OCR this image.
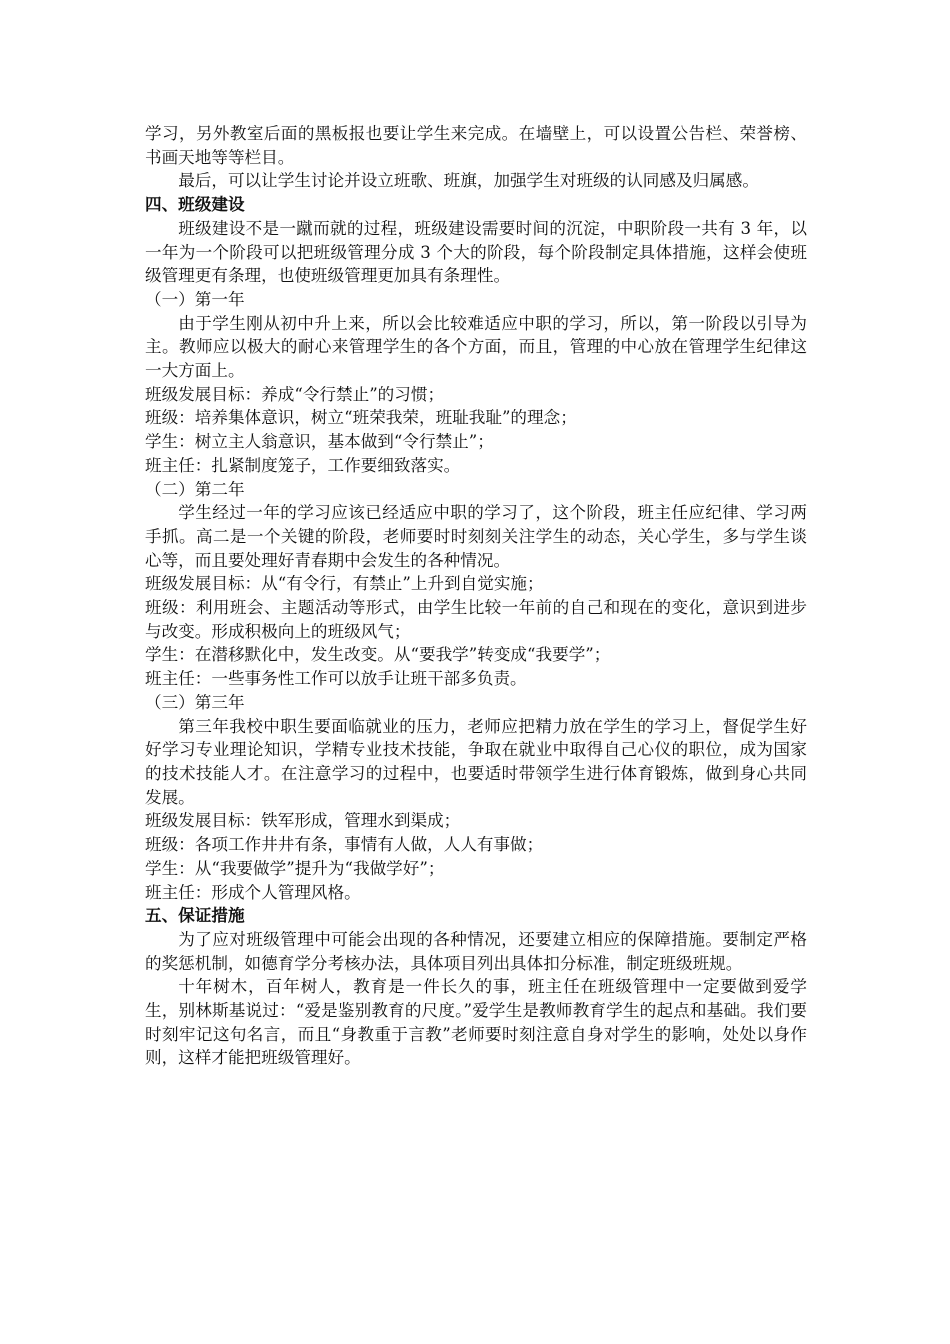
学习，另外教室后面的黑板报也要让学生来完成。在墙壁上，可以设置公告栏、荣誉榜、书画天地等等栏目。

最后，可以让学生讨论并设立班歌、班旗，加强学生对班级的认同感及归属感。

四、班级建设

班级建设不是一蹴而就的过程，班级建设需要时间的沉淀，中职阶段一共有 3 年，以一年为一个阶段可以把班级管理分成 3 个大的阶段，每个阶段制定具体措施，这样会使班级管理更有条理，也使班级管理更加具有条理性。

（一）第一年

由于学生刚从初中升上来，所以会比较难适应中职的学习，所以，第一阶段以引导为主。教师应以极大的耐心来管理学生的各个方面，而且，管理的中心放在管理学生纪律这一大方面上。

班级发展目标：养成“令行禁止”的习惯；

班级：培养集体意识，树立“班荣我荣，班耻我耻”的理念；

学生：树立主人翁意识，基本做到“令行禁止”；

班主任：扎紧制度笼子，工作要细致落实。

（二）第二年

学生经过一年的学习应该已经适应中职的学习了，这个阶段，班主任应纪律、学习两手抓。高二是一个关键的阶段，老师要时时刻刻关注学生的动态，关心学生，多与学生谈心等，而且要处理好青春期中会发生的各种情况。

班级发展目标：从“有令行，有禁止”上升到自觉实施；

班级：利用班会、主题活动等形式，由学生比较一年前的自己和现在的变化，意识到进步与改变。形成积极向上的班级风气；

学生：在潜移默化中，发生改变。从“要我学”转变成“我要学”；

班主任：一些事务性工作可以放手让班干部多负责。

（三）第三年

第三年我校中职生要面临就业的压力，老师应把精力放在学生的学习上，督促学生好好学习专业理论知识，学精专业技术技能，争取在就业中取得自己心仪的职位，成为国家的技术技能人才。在注意学习的过程中，也要适时带领学生进行体育锻炼，做到身心共同发展。

班级发展目标：铁军形成，管理水到渠成；

班级：各项工作井井有条，事情有人做，人人有事做；

学生：从“我要做学”提升为“我做学好”；

班主任：形成个人管理风格。

五、保证措施

为了应对班级管理中可能会出现的各种情况，还要建立相应的保障措施。要制定严格的奖惩机制，如德育学分考核办法，具体项目列出具体扣分标准，制定班级班规。

十年树木，百年树人，教育是一件长久的事，班主任在班级管理中一定要做到爱学生，别林斯基说过：“爱是鉴别教育的尺度。”爱学生是教师教育学生的起点和基础。我们要时刻牢记这句名言，而且“身教重于言教”老师要时刻注意自身对学生的影响，处处以身作则，这样才能把班级管理好。
